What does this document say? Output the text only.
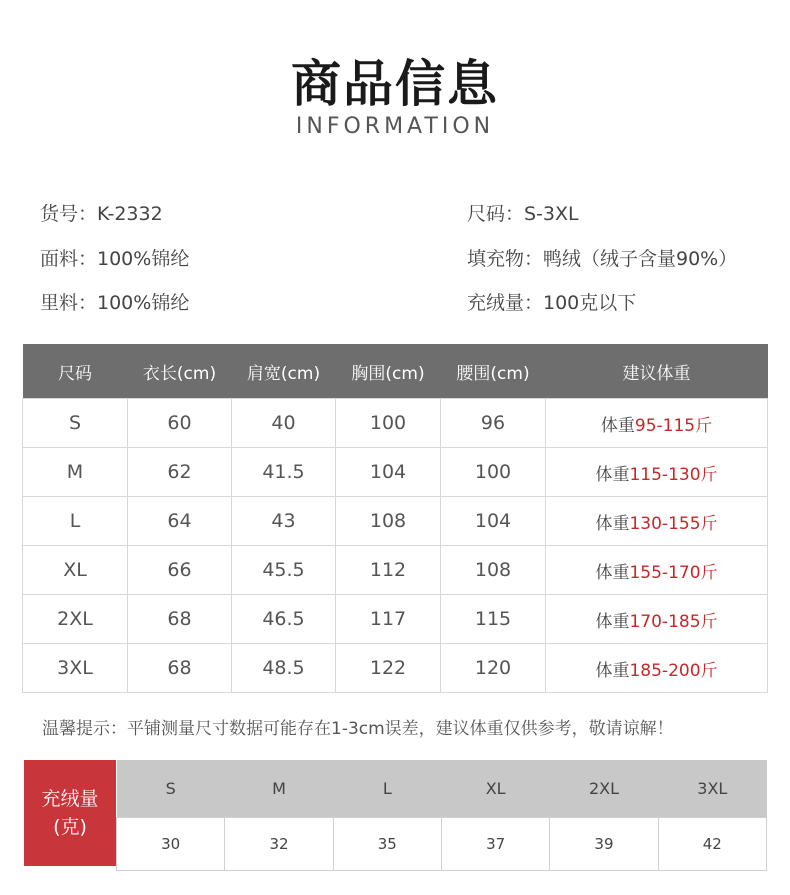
商品信息
INFORMATION
货号：K-2332	尺码：S-3XL
面料：100%锦纶	填充物：鸭绒（绒子含量90%）
里料：100%锦纶	充绒量：100克以下
尺码	衣长(cm)	肩宽(cm)	胸围(cm)	腰围(cm)	建议体重
S	60	40	100	96	体重95-115斤
M	62	41.5	104	100	体重115-130斤
L	64	43	108	104	体重130-155斤
XL	66	45.5	112	108	体重155-170斤
2XL	68	46.5	117	115	体重170-185斤
3XL	68	48.5	122	120	体重185-200斤
温馨提示：平铺测量尺寸数据可能存在1-3cm误差，建议体重仅供参考，敬请谅解！
充绒量
(克)
S	M	L	XL	2XL	3XL
30	32	35	37	39	42
